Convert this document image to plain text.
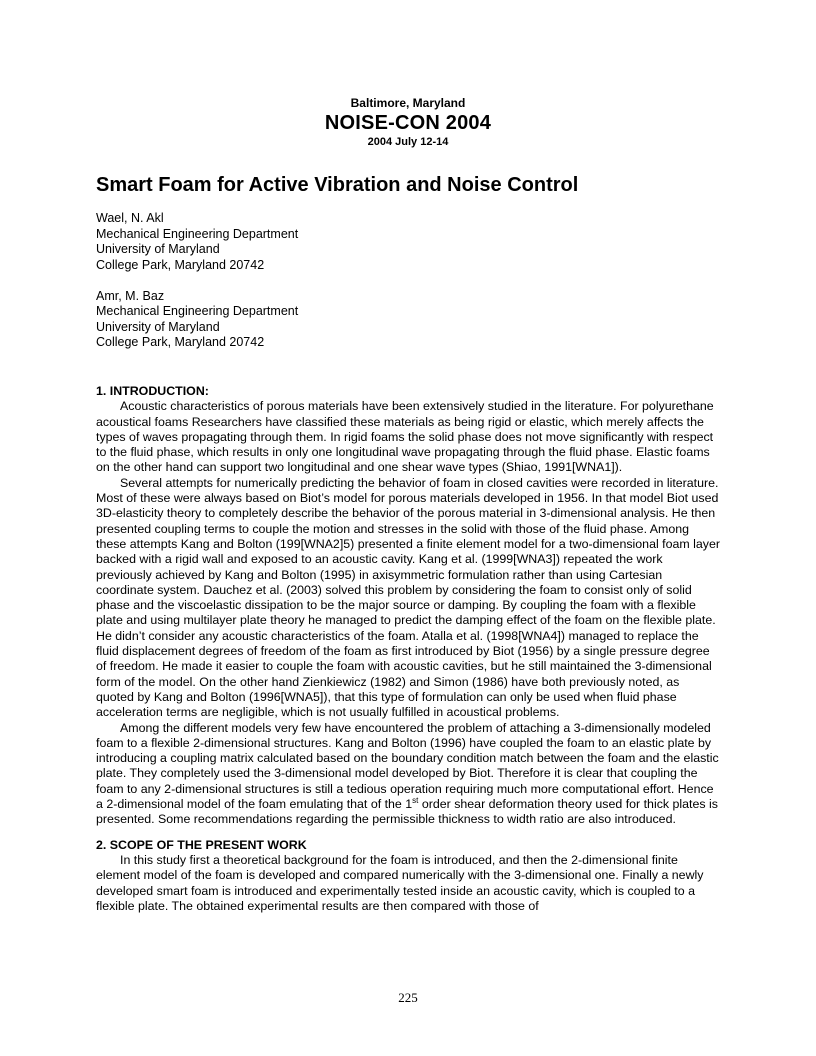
Baltimore, Maryland
NOISE-CON 2004
2004 July 12-14
Smart Foam for Active Vibration and Noise Control
Wael, N. Akl
Mechanical Engineering Department
University of Maryland
College Park, Maryland 20742
Amr, M. Baz
Mechanical Engineering Department
University of Maryland
College Park, Maryland 20742
1. INTRODUCTION:

Acoustic characteristics of porous materials have been extensively studied in the literature. For polyurethane acoustical foams Researchers have classified these materials as being rigid or elastic, which merely affects the types of waves propagating through them. In rigid foams the solid phase does not move significantly with respect to the fluid phase, which results in only one longitudinal wave propagating through the fluid phase. Elastic foams on the other hand can support two longitudinal and one shear wave types (Shiao, 1991[WNA1]).

Several attempts for numerically predicting the behavior of foam in closed cavities were recorded in literature. Most of these were always based on Biot’s model for porous materials developed in 1956. In that model Biot used 3D-elasticity theory to completely describe the behavior of the porous material in 3-dimensional analysis. He then presented coupling terms to couple the motion and stresses in the solid with those of the fluid phase. Among these attempts Kang and Bolton (199[WNA2]5) presented a finite element model for a two-dimensional foam layer backed with a rigid wall and exposed to an acoustic cavity. Kang et al. (1999[WNA3]) repeated the work previously achieved by Kang and Bolton (1995) in axisymmetric formulation rather than using Cartesian coordinate system. Dauchez et al. (2003) solved this problem by considering the foam to consist only of solid phase and the viscoelastic dissipation to be the major source or damping. By coupling the foam with a flexible plate and using multilayer plate theory he managed to predict the damping effect of the foam on the flexible plate. He didn’t consider any acoustic characteristics of the foam. Atalla et al. (1998[WNA4]) managed to replace the fluid displacement degrees of freedom of the foam as first introduced by Biot (1956) by a single pressure degree of freedom. He made it easier to couple the foam with acoustic cavities, but he still maintained the 3-dimensional form of the model. On the other hand Zienkiewicz (1982) and Simon (1986) have both previously noted, as quoted by Kang and Bolton (1996[WNA5]), that this type of formulation can only be used when fluid phase acceleration terms are negligible, which is not usually fulfilled in acoustical problems.

Among the different models very few have encountered the problem of attaching a 3-dimensionally modeled foam to a flexible 2-dimensional structures. Kang and Bolton (1996) have coupled the foam to an elastic plate by introducing a coupling matrix calculated based on the boundary condition match between the foam and the elastic plate. They completely used the 3-dimensional model developed by Biot. Therefore it is clear that coupling the foam to any 2-dimensional structures is still a tedious operation requiring much more computational effort. Hence a 2-dimensional model of the foam emulating that of the 1st order shear deformation theory used for thick plates is presented. Some recommendations regarding the permissible thickness to width ratio are also introduced.

2. SCOPE OF THE PRESENT WORK

In this study first a theoretical background for the foam is introduced, and then the 2-dimensional finite element model of the foam is developed and compared numerically with the 3-dimensional one. Finally a newly developed smart foam is introduced and experimentally tested inside an acoustic cavity, which is coupled to a flexible plate. The obtained experimental results are then compared with those of

225
